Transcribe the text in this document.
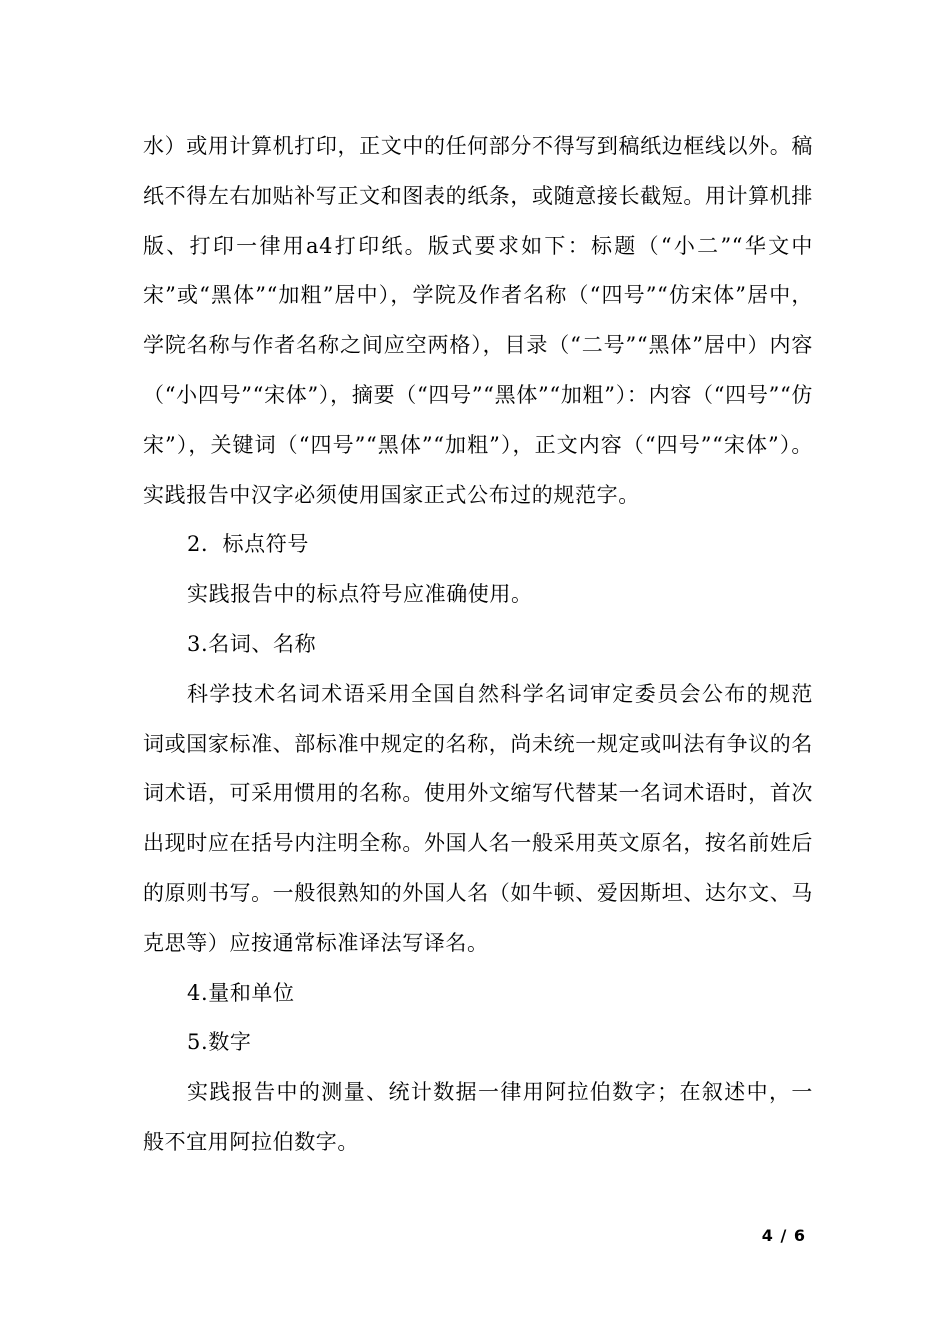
水）或用计算机打印，正文中的任何部分不得写到稿纸边框线以外。稿纸不得左右加贴补写正文和图表的纸条，或随意接长截短。用计算机排版、打印一律用a4打印纸。版式要求如下：标题（“小二”“华文中宋”或“黑体”“加粗”居中），学院及作者名称（“四号”“仿宋体”居中，学院名称与作者名称之间应空两格），目录（“二号”“黑体”居中）内容（“小四号”“宋体”），摘要（“四号”“黑体”“加粗”）：内容（“四号”“仿宋”），关键词（“四号”“黑体”“加粗”），正文内容（“四号”“宋体”）。实践报告中汉字必须使用国家正式公布过的规范字。

2．标点符号

实践报告中的标点符号应准确使用。

3.名词、名称

科学技术名词术语采用全国自然科学名词审定委员会公布的规范词或国家标准、部标准中规定的名称，尚未统一规定或叫法有争议的名词术语，可采用惯用的名称。使用外文缩写代替某一名词术语时，首次出现时应在括号内注明全称。外国人名一般采用英文原名，按名前姓后的原则书写。一般很熟知的外国人名（如牛顿、爱因斯坦、达尔文、马克思等）应按通常标准译法写译名。

4.量和单位

5.数字

实践报告中的测量、统计数据一律用阿拉伯数字；在叙述中，一般不宜用阿拉伯数字。

4 / 6
